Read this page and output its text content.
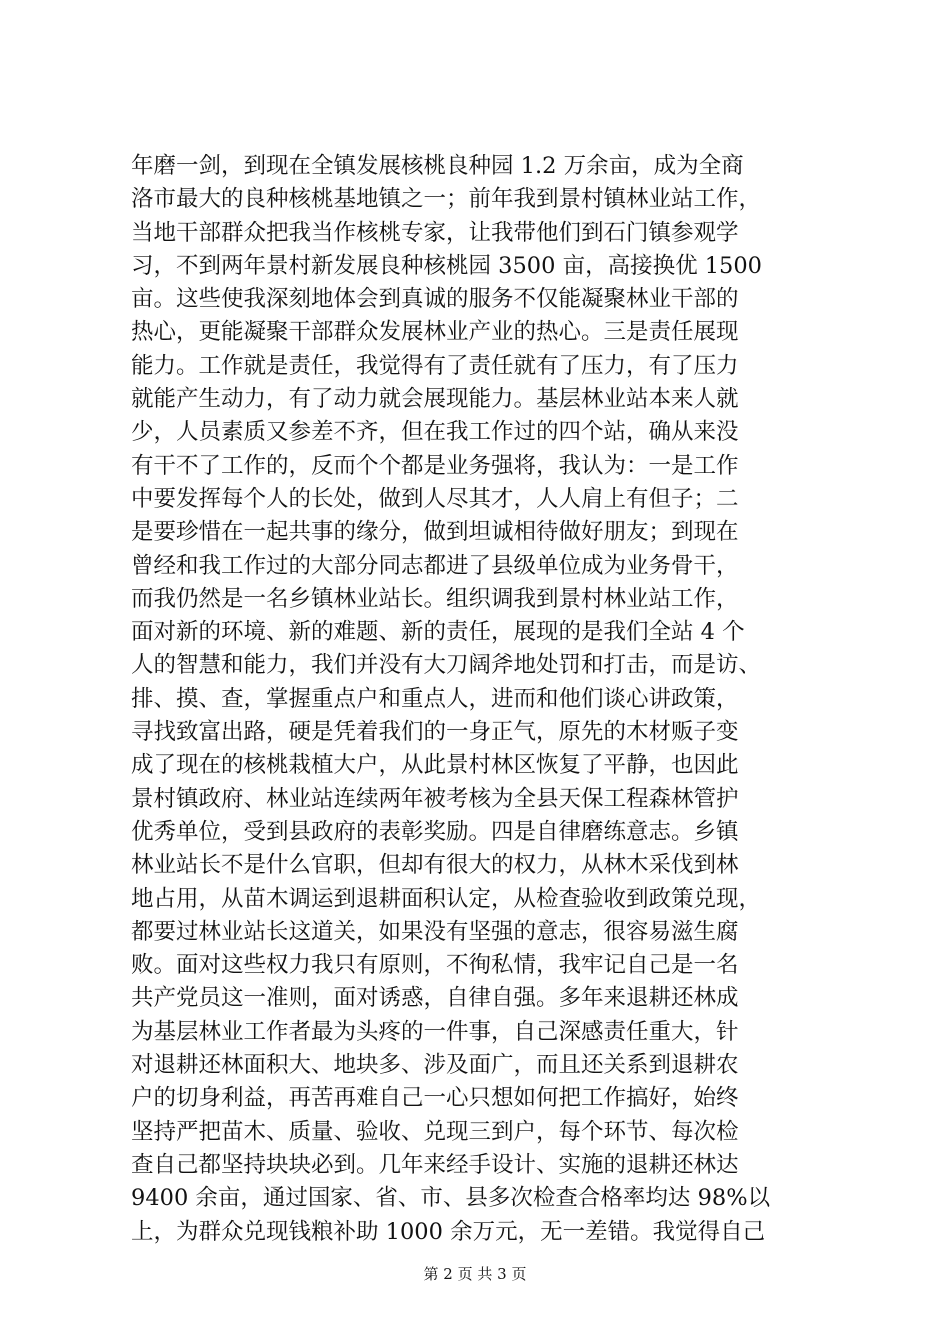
年磨一剑，到现在全镇发展核桃良种园 1.2 万余亩，成为全商
洛市最大的良种核桃基地镇之一；前年我到景村镇林业站工作，
当地干部群众把我当作核桃专家，让我带他们到石门镇参观学
习，不到两年景村新发展良种核桃园 3500 亩，高接换优 1500
亩。这些使我深刻地体会到真诚的服务不仅能凝聚林业干部的
热心，更能凝聚干部群众发展林业产业的热心。三是责任展现
能力。工作就是责任，我觉得有了责任就有了压力，有了压力
就能产生动力，有了动力就会展现能力。基层林业站本来人就
少，人员素质又参差不齐，但在我工作过的四个站，确从来没
有干不了工作的，反而个个都是业务强将，我认为：一是工作
中要发挥每个人的长处，做到人尽其才，人人肩上有但子；二
是要珍惜在一起共事的缘分，做到坦诚相待做好朋友；到现在
曾经和我工作过的大部分同志都进了县级单位成为业务骨干，
而我仍然是一名乡镇林业站长。组织调我到景村林业站工作，
面对新的环境、新的难题、新的责任，展现的是我们全站 4 个
人的智慧和能力，我们并没有大刀阔斧地处罚和打击，而是访、
排、摸、查，掌握重点户和重点人，进而和他们谈心讲政策，
寻找致富出路，硬是凭着我们的一身正气，原先的木材贩子变
成了现在的核桃栽植大户，从此景村林区恢复了平静，也因此
景村镇政府、林业站连续两年被考核为全县天保工程森林管护
优秀单位，受到县政府的表彰奖励。四是自律磨练意志。乡镇
林业站长不是什么官职，但却有很大的权力，从林木采伐到林
地占用，从苗木调运到退耕面积认定，从检查验收到政策兑现，
都要过林业站长这道关，如果没有坚强的意志，很容易滋生腐
败。面对这些权力我只有原则，不徇私情，我牢记自己是一名
共产党员这一准则，面对诱惑，自律自强。多年来退耕还林成
为基层林业工作者最为头疼的一件事，自己深感责任重大，针
对退耕还林面积大、地块多、涉及面广，而且还关系到退耕农
户的切身利益，再苦再难自己一心只想如何把工作搞好，始终
坚持严把苗木、质量、验收、兑现三到户，每个环节、每次检
查自己都坚持块块必到。几年来经手设计、实施的退耕还林达
9400 余亩，通过国家、省、市、县多次检查合格率均达 98%以
上，为群众兑现钱粮补助 1000 余万元，无一差错。我觉得自己
第 2 页 共 3 页
